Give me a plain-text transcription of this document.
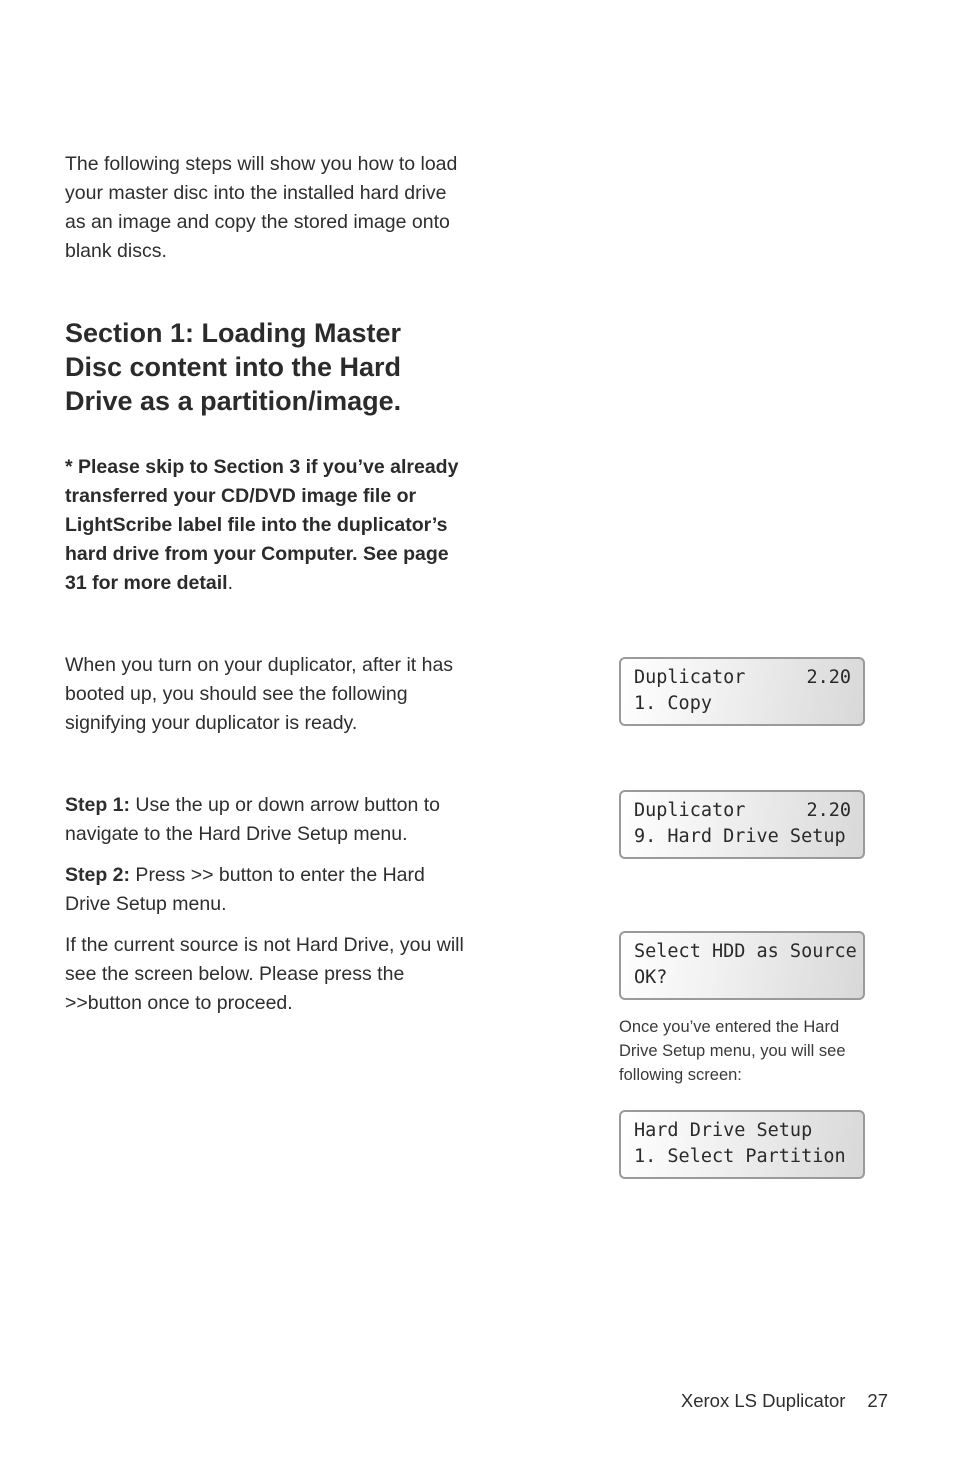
The following steps will show you how to load your master disc into the installed hard drive as an image and copy the stored image onto blank discs.

Section 1: Loading Master Disc content into the Hard Drive as a partition/image.
* Please skip to Section 3 if you’ve already transferred your CD/DVD image file or LightScribe label file into the duplicator’s hard drive from your Computer. See page 31 for more detail.

When you turn on your duplicator, after it has booted up, you should see the following signifying your duplicator is ready.

Step 1: Use the up or down arrow button to navigate to the Hard Drive Setup menu.

Step 2: Press >> button to enter the Hard Drive Setup menu.

If the current source is not Hard Drive, you will see the screen below. Please press the >>button once to proceed.

Duplicator	2.20
1. Copy
Duplicator	2.20
9. Hard Drive Setup
Select HDD as Source
OK?
Once you’ve entered the Hard Drive Setup menu, you will see following screen:
Hard Drive Setup
1. Select Partition
Xerox LS Duplicator 27
